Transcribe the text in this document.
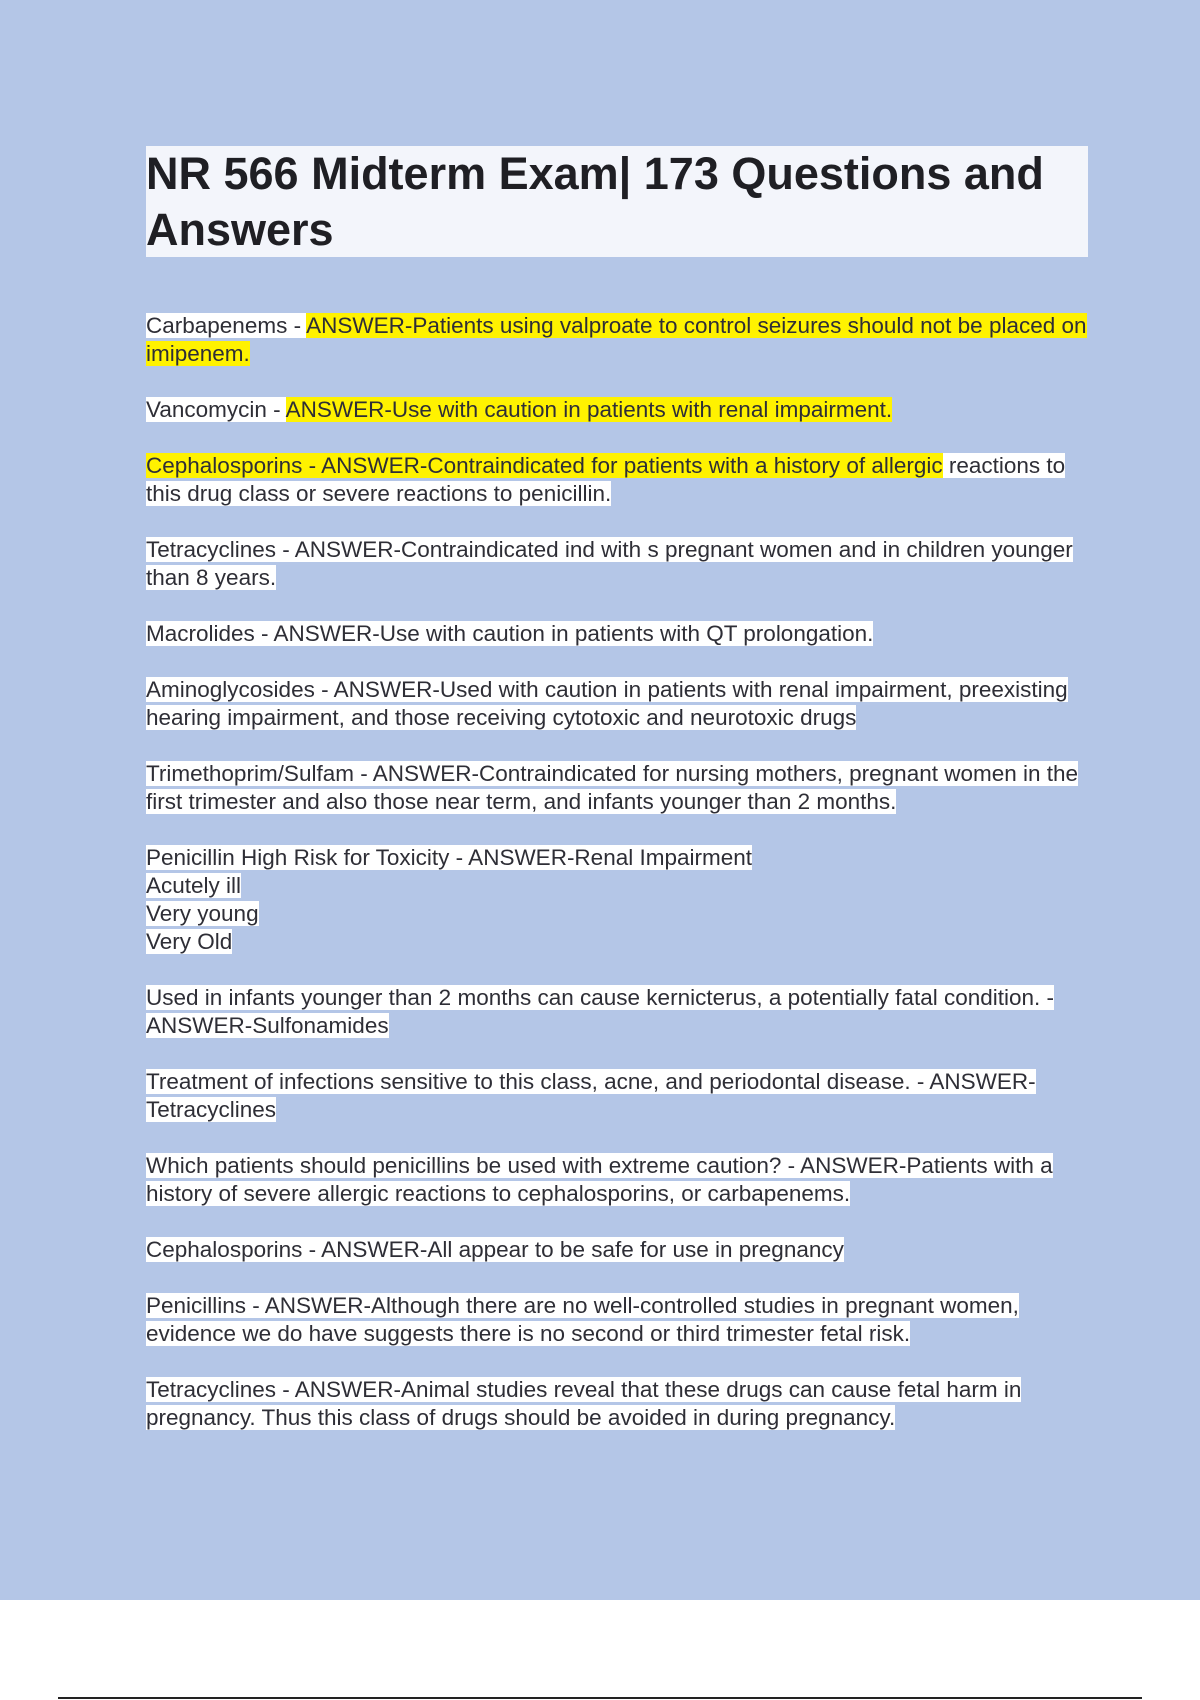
NR 566 Midterm Exam| 173 Questions and Answers

Carbapenems - ANSWER-Patients using valproate to control seizures should not be placed on imipenem.

Vancomycin - ANSWER-Use with caution in patients with renal impairment.

Cephalosporins - ANSWER-Contraindicated for patients with a history of allergic reactions to this drug class or severe reactions to penicillin.

Tetracyclines - ANSWER-Contraindicated ind with s pregnant women and in children younger than 8 years.

Macrolides - ANSWER-Use with caution in patients with QT prolongation.

Aminoglycosides - ANSWER-Used with caution in patients with renal impairment, preexisting hearing impairment, and those receiving cytotoxic and neurotoxic drugs

Trimethoprim/Sulfam - ANSWER-Contraindicated for nursing mothers, pregnant women in the first trimester and also those near term, and infants younger than 2 months.

Penicillin High Risk for Toxicity - ANSWER-Renal Impairment
Acutely ill
Very young
Very Old

Used in infants younger than 2 months can cause kernicterus, a potentially fatal condition. - ANSWER-Sulfonamides

Treatment of infections sensitive to this class, acne, and periodontal disease. - ANSWER-Tetracyclines

Which patients should penicillins be used with extreme caution? - ANSWER-Patients with a history of severe allergic reactions to cephalosporins, or carbapenems.

Cephalosporins - ANSWER-All appear to be safe for use in pregnancy

Penicillins - ANSWER-Although there are no well-controlled studies in pregnant women, evidence we do have suggests there is no second or third trimester fetal risk.

Tetracyclines - ANSWER-Animal studies reveal that these drugs can cause fetal harm in pregnancy. Thus this class of drugs should be avoided in during pregnancy.
